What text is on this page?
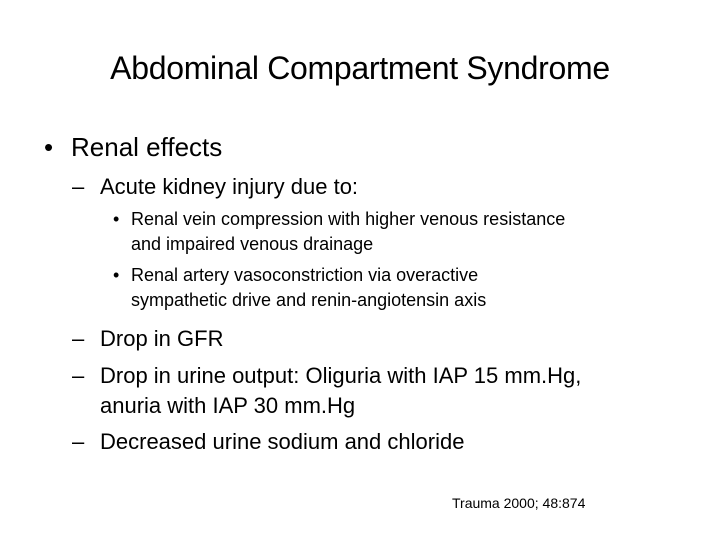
Abdominal Compartment Syndrome
• Renal effects
– Acute kidney injury due to:
• Renal vein compression with higher venous resistance
and impaired venous drainage
• Renal artery vasoconstriction via overactive
sympathetic drive and renin-angiotensin axis
– Drop in GFR
– Drop in urine output: Oliguria with IAP 15 mm.Hg,
anuria with IAP 30 mm.Hg
– Decreased urine sodium and chloride
Trauma 2000; 48:874
